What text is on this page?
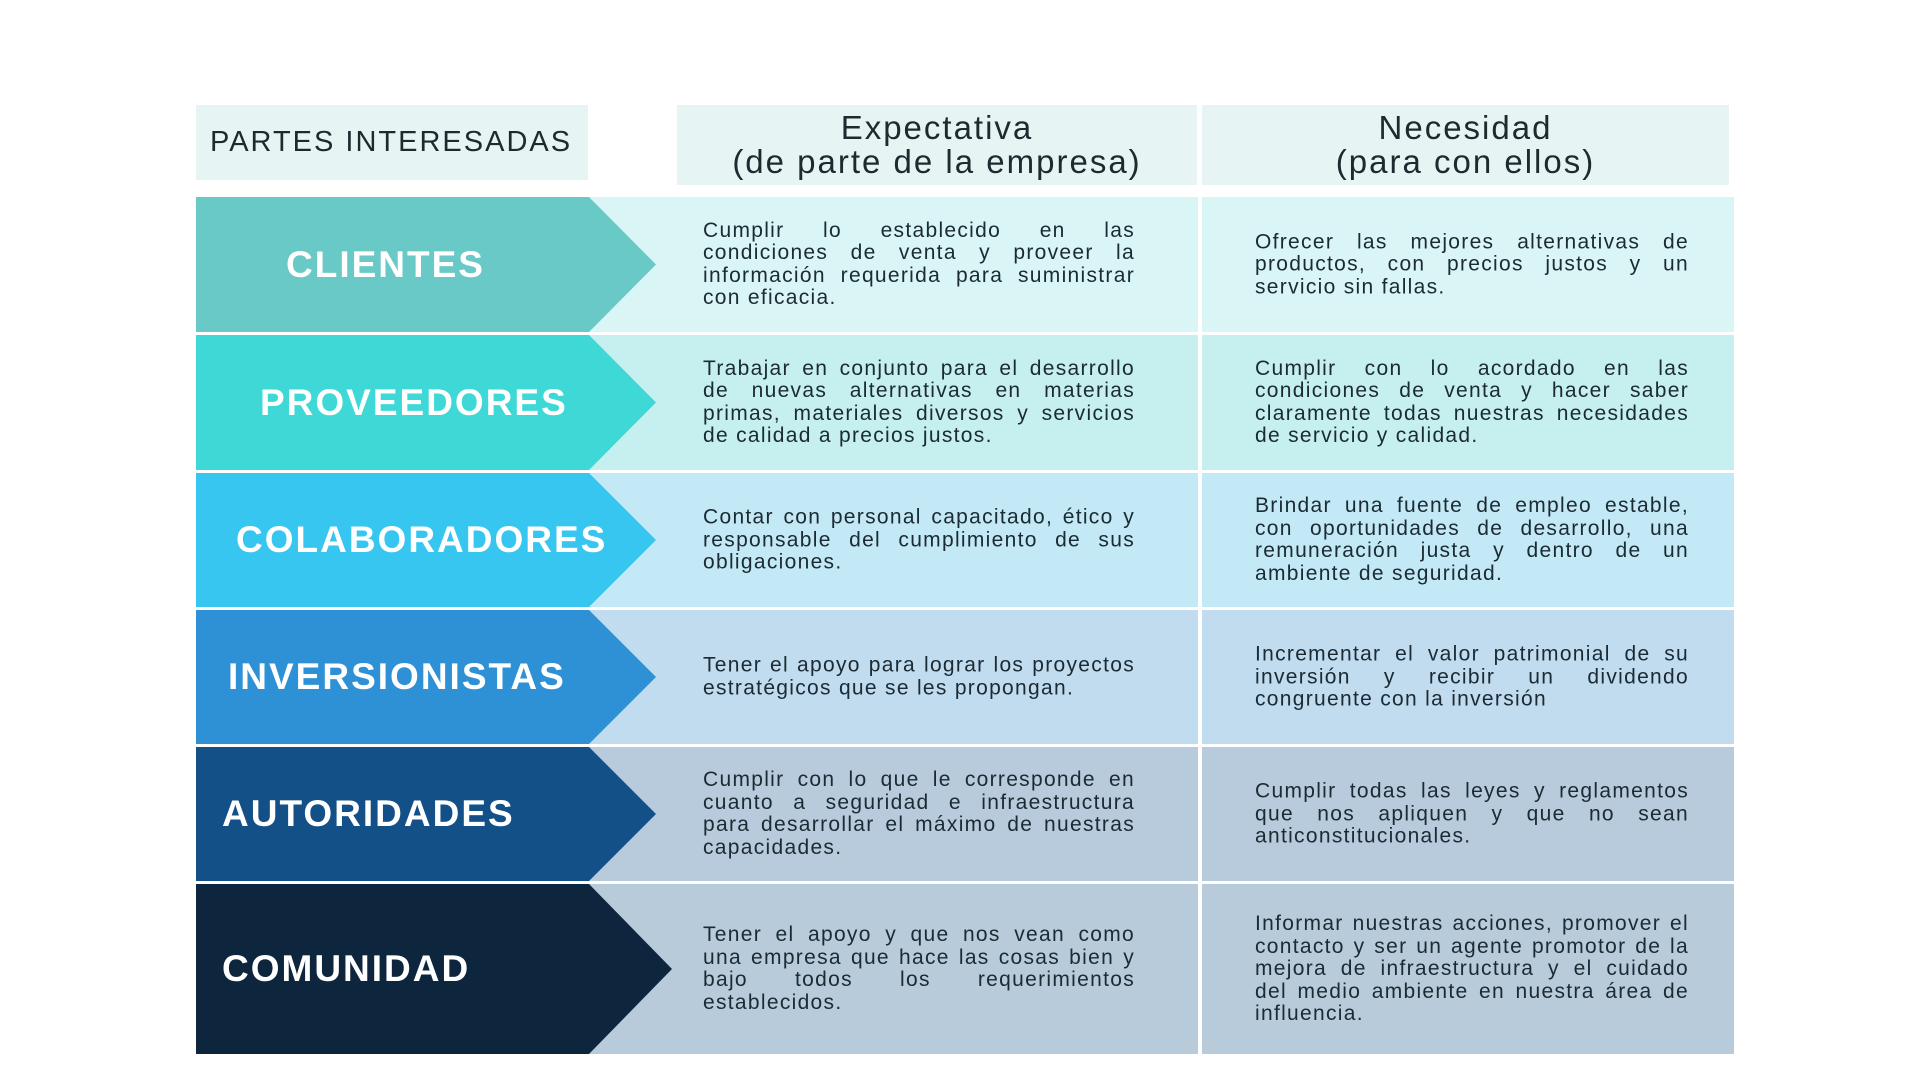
PARTES INTERESADAS	Expectativa
(de parte de la empresa)
Necesidad
(para con ellos)
CLIENTES
Cumplir lo establecido en las condiciones de venta y proveer la información requerida para suministrar con eficacia.
Ofrecer las mejores alternativas de productos, con precios justos y un servicio sin fallas.
PROVEEDORES
Trabajar en conjunto para el desarrollo de nuevas alternativas en materias primas, materiales diversos y servicios de calidad a precios justos.
Cumplir con lo acordado en las condiciones de venta y hacer saber claramente todas nuestras necesidades de servicio y calidad.
COLABORADORES
Contar con personal capacitado, ético y responsable del cumplimiento de sus obligaciones.
Brindar una fuente de empleo estable, con oportunidades de desarrollo, una remuneración justa y dentro de un ambiente de seguridad.
INVERSIONISTAS	Tener el apoyo para lograr los proyectos estratégicos que se les propongan.
Incrementar el valor patrimonial de su inversión y recibir un dividendo congruente con la inversión
AUTORIDADES
Cumplir con lo que le corresponde en cuanto a seguridad e infraestructura para desarrollar el máximo de nuestras capacidades.
Cumplir todas las leyes y reglamentos que nos apliquen y que no sean anticonstitucionales.
COMUNIDAD
Tener el apoyo y que nos vean como una empresa que hace las cosas bien y bajo todos los requerimientos establecidos.
Informar nuestras acciones, promover el contacto y ser un agente promotor de la mejora de infraestructura y el cuidado del medio ambiente en nuestra área de influencia.
